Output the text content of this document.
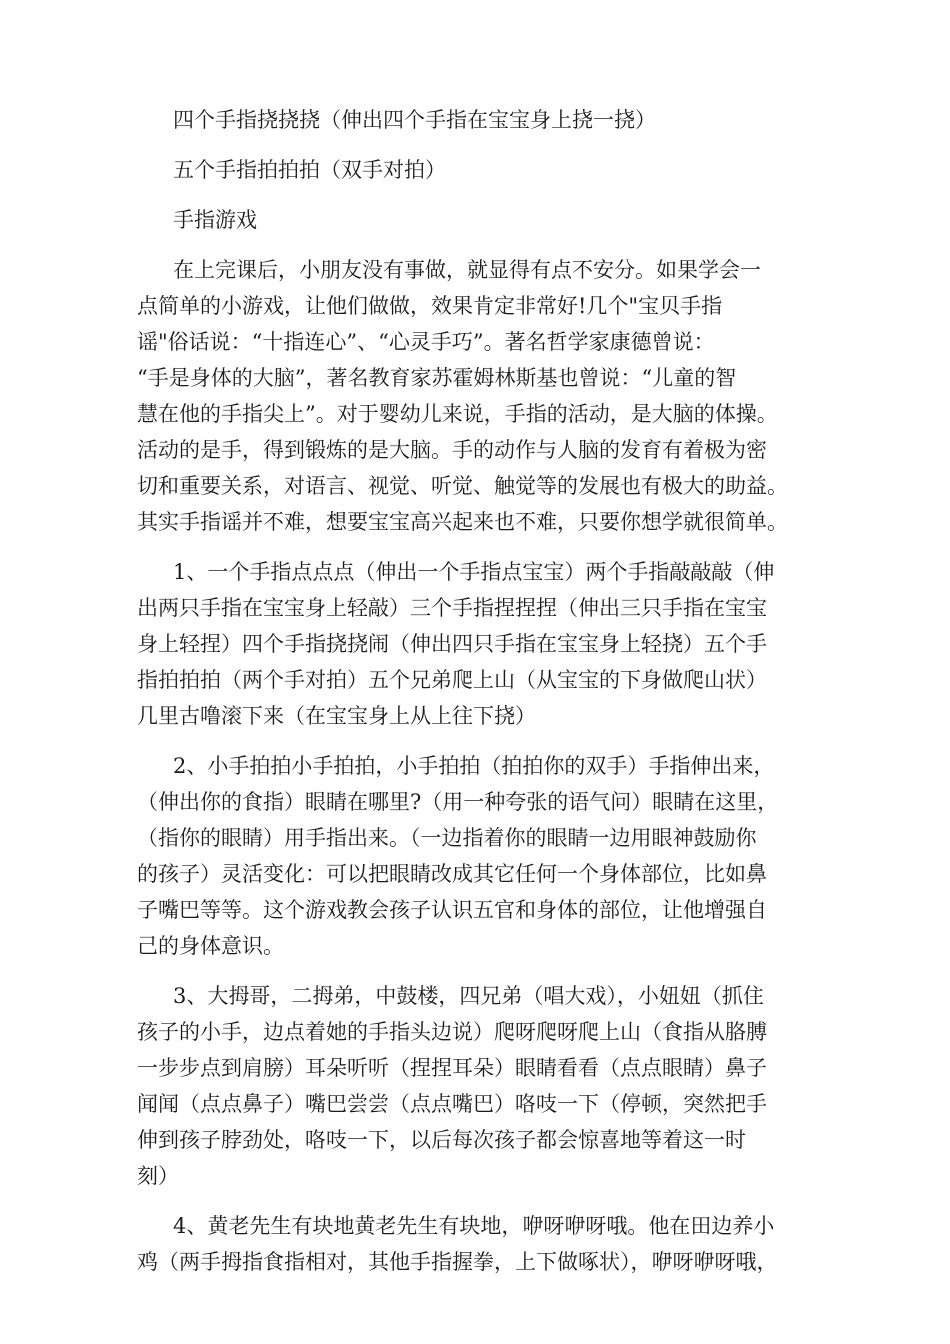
四个手指挠挠挠（伸出四个手指在宝宝身上挠一挠）
五个手指拍拍拍（双手对拍）
手指游戏
在上完课后，小朋友没有事做，就显得有点不安分。如果学会一
点简单的小游戏，让他们做做，效果肯定非常好!几个"宝贝手指
谣"俗话说：“十指连心”、“心灵手巧”。著名哲学家康德曾说：
“手是身体的大脑”，著名教育家苏霍姆林斯基也曾说：“儿童的智
慧在他的手指尖上”。对于婴幼儿来说，手指的活动，是大脑的体操。
活动的是手，得到锻炼的是大脑。手的动作与人脑的发育有着极为密
切和重要关系，对语言、视觉、听觉、触觉等的发展也有极大的助益。
其实手指谣并不难，想要宝宝高兴起来也不难，只要你想学就很简单。
1、一个手指点点点（伸出一个手指点宝宝）两个手指敲敲敲（伸
出两只手指在宝宝身上轻敲）三个手指捏捏捏（伸出三只手指在宝宝
身上轻捏）四个手指挠挠闹（伸出四只手指在宝宝身上轻挠）五个手
指拍拍拍（两个手对拍）五个兄弟爬上山（从宝宝的下身做爬山状）
几里古噜滚下来（在宝宝身上从上往下挠）
2、小手拍拍小手拍拍，小手拍拍（拍拍你的双手）手指伸出来，
（伸出你的食指）眼睛在哪里?（用一种夸张的语气问）眼睛在这里，
（指你的眼睛）用手指出来。（一边指着你的眼睛一边用眼神鼓励你
的孩子）灵活变化：可以把眼睛改成其它任何一个身体部位，比如鼻
子嘴巴等等。这个游戏教会孩子认识五官和身体的部位，让他增强自
己的身体意识。
3、大拇哥，二拇弟，中鼓楼，四兄弟（唱大戏），小妞妞（抓住
孩子的小手，边点着她的手指头边说）爬呀爬呀爬上山（食指从胳膊
一步步点到肩膀）耳朵听听（捏捏耳朵）眼睛看看（点点眼睛）鼻子
闻闻（点点鼻子）嘴巴尝尝（点点嘴巴）咯吱一下（停顿，突然把手
伸到孩子脖劲处，咯吱一下，以后每次孩子都会惊喜地等着这一时
刻）
4、黄老先生有块地黄老先生有块地，咿呀咿呀哦。他在田边养小
鸡（两手拇指食指相对，其他手指握拳，上下做啄状），咿呀咿呀哦，
